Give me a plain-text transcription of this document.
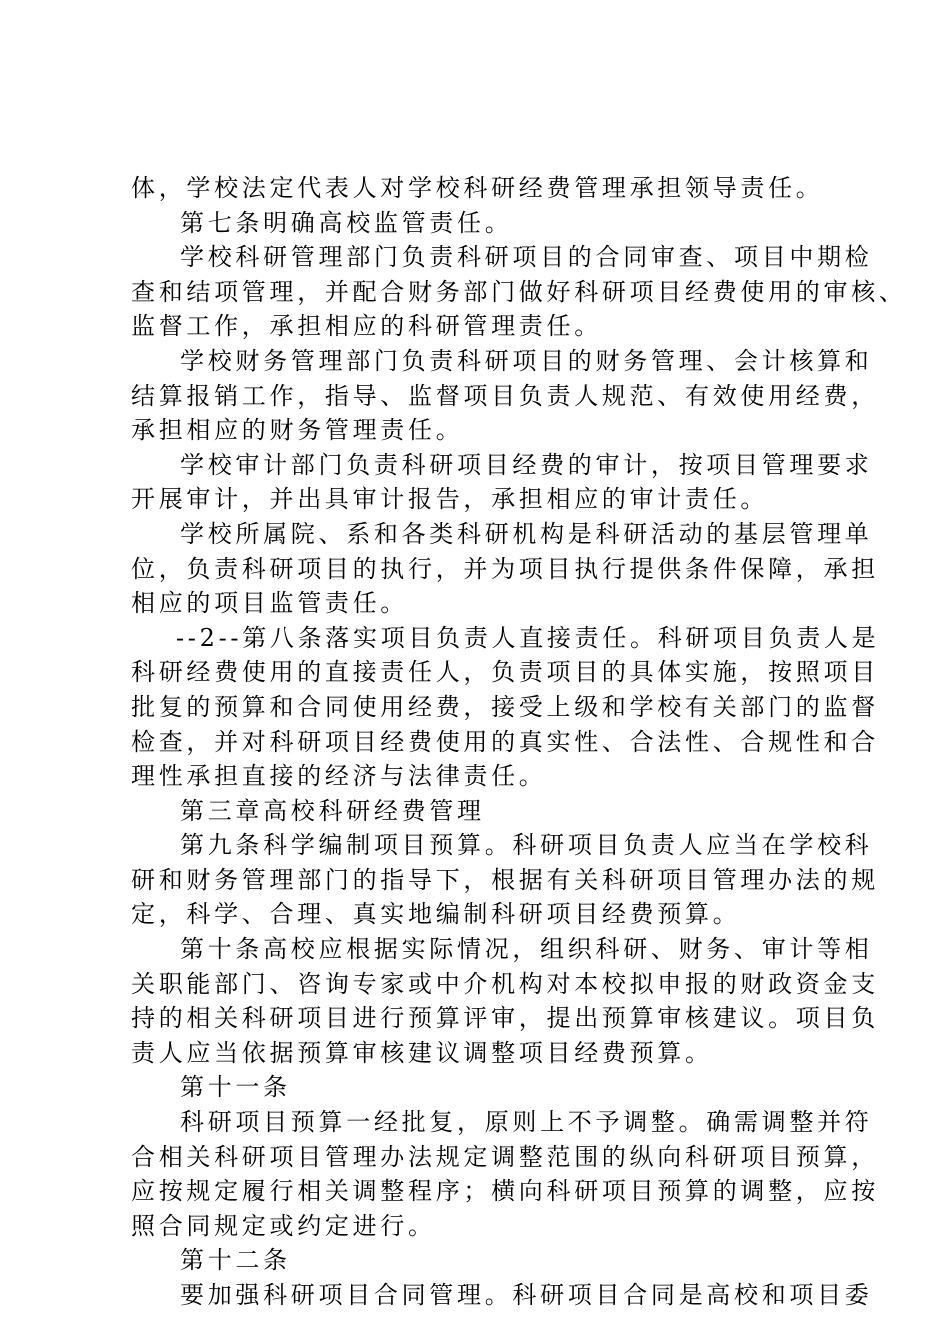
体，学校法定代表人对学校科研经费管理承担领导责任。
第七条明确高校监管责任。
学校科研管理部门负责科研项目的合同审查、项目中期检
查和结项管理，并配合财务部门做好科研项目经费使用的审核、
监督工作，承担相应的科研管理责任。
学校财务管理部门负责科研项目的财务管理、会计核算和
结算报销工作，指导、监督项目负责人规范、有效使用经费，
承担相应的财务管理责任。
学校审计部门负责科研项目经费的审计，按项目管理要求
开展审计，并出具审计报告，承担相应的审计责任。
学校所属院、系和各类科研机构是科研活动的基层管理单
位，负责科研项目的执行，并为项目执行提供条件保障，承担
相应的项目监管责任。
--2--第八条落实项目负责人直接责任。科研项目负责人是
科研经费使用的直接责任人，负责项目的具体实施，按照项目
批复的预算和合同使用经费，接受上级和学校有关部门的监督
检查，并对科研项目经费使用的真实性、合法性、合规性和合
理性承担直接的经济与法律责任。
第三章高校科研经费管理
第九条科学编制项目预算。科研项目负责人应当在学校科
研和财务管理部门的指导下，根据有关科研项目管理办法的规
定，科学、合理、真实地编制科研项目经费预算。
第十条高校应根据实际情况，组织科研、财务、审计等相
关职能部门、咨询专家或中介机构对本校拟申报的财政资金支
持的相关科研项目进行预算评审，提出预算审核建议。项目负
责人应当依据预算审核建议调整项目经费预算。
第十一条
科研项目预算一经批复，原则上不予调整。确需调整并符
合相关科研项目管理办法规定调整范围的纵向科研项目预算，
应按规定履行相关调整程序；横向科研项目预算的调整，应按
照合同规定或约定进行。
第十二条
要加强科研项目合同管理。科研项目合同是高校和项目委
